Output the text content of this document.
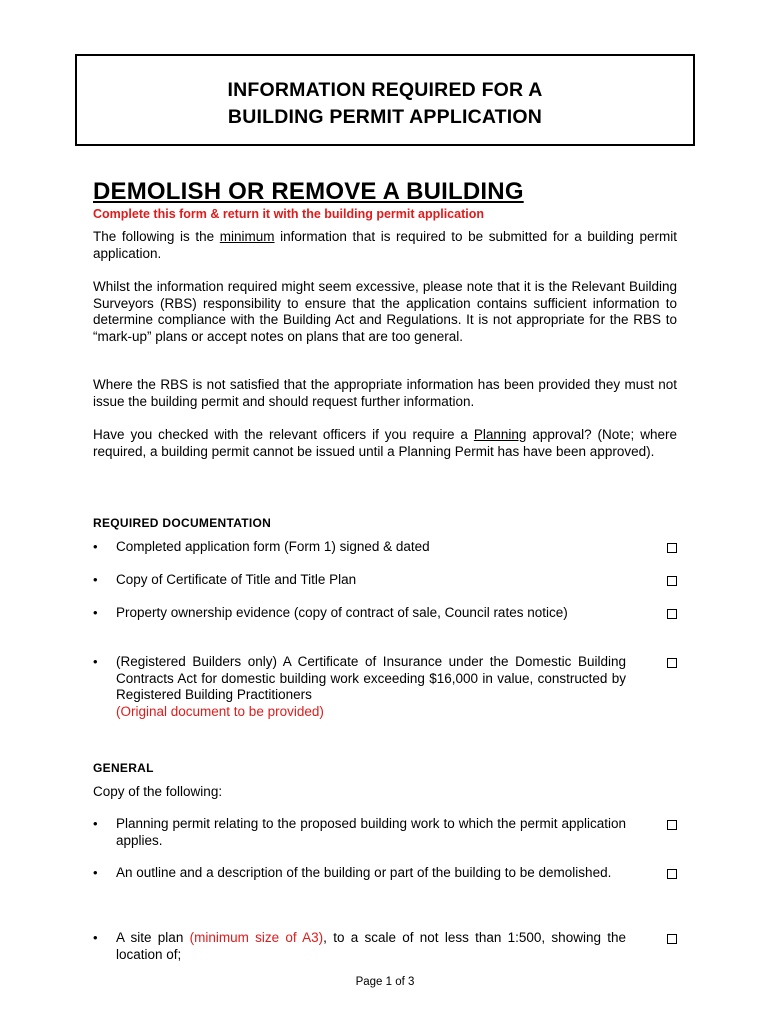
INFORMATION REQUIRED FOR A
BUILDING PERMIT APPLICATION
DEMOLISH OR REMOVE A BUILDING
Complete this form & return it with the building permit application

The following is the minimum information that is required to be submitted for a building permit application.

Whilst the information required might seem excessive, please note that it is the Relevant Building Surveyors (RBS) responsibility to ensure that the application contains sufficient information to determine compliance with the Building Act and Regulations. It is not appropriate for the RBS to “mark-up” plans or accept notes on plans that are too general.

Where the RBS is not satisfied that the appropriate information has been provided they must not issue the building permit and should request further information.

Have you checked with the relevant officers if you require a Planning approval? (Note; where required, a building permit cannot be issued until a Planning Permit has have been approved).

REQUIRED DOCUMENTATION
• Completed application form (Form 1) signed & dated
• Copy of Certificate of Title and Title Plan
• Property ownership evidence (copy of contract of sale, Council rates notice)
• (Registered Builders only) A Certificate of Insurance under the Domestic Building Contracts Act for domestic building work exceeding $16,000 in value, constructed by Registered Building Practitioners
(Original document to be provided)
GENERAL
Copy of the following:
• Planning permit relating to the proposed building work to which the permit application applies.
• An outline and a description of the building or part of the building to be demolished.
• A site plan (minimum size of A3), to a scale of not less than 1:500, showing the location of;
Page 1 of 3
